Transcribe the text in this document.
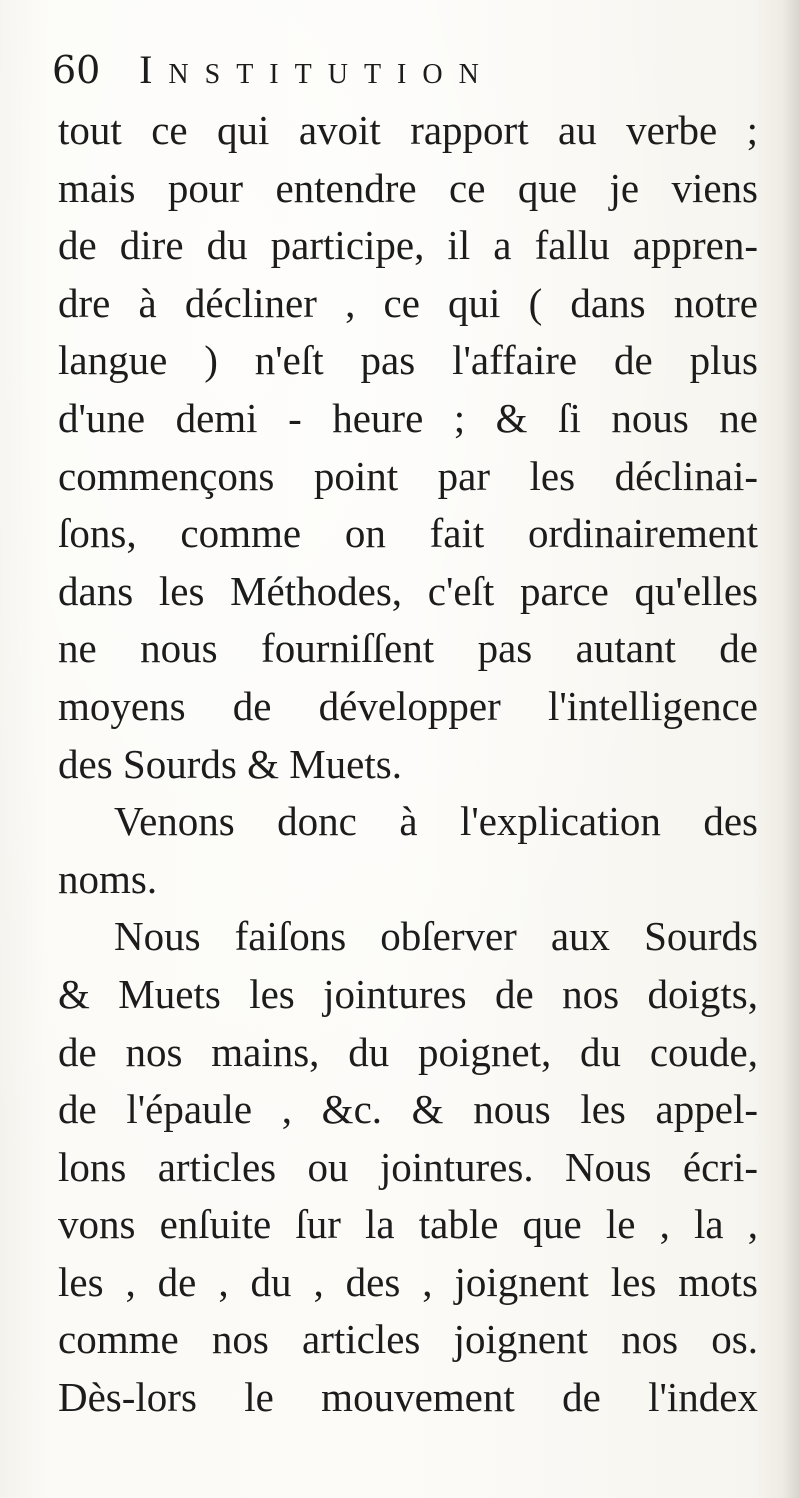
60 Institution
tout ce qui avoit rapport au verbe ;
mais pour entendre ce que je viens
de dire du participe, il a fallu appren-
dre à décliner , ce qui ( dans notre
langue ) n'eſt pas l'affaire de plus
d'une demi - heure ; & ſi nous ne
commençons point par les déclinai-
ſons, comme on fait ordinairement
dans les Méthodes, c'eſt parce qu'elles
ne nous fourniſſent pas autant de
moyens de développer l'intelligence
des Sourds & Muets.
Venons donc à l'explication des
noms.
Nous faiſons obſerver aux Sourds
& Muets les jointures de nos doigts,
de nos mains, du poignet, du coude,
de l'épaule , &c. & nous les appel-
lons articles ou jointures. Nous écri-
vons enſuite ſur la table que le , la ,
les , de , du , des , joignent les mots
comme nos articles joignent nos os.
Dès-lors le mouvement de l'index
